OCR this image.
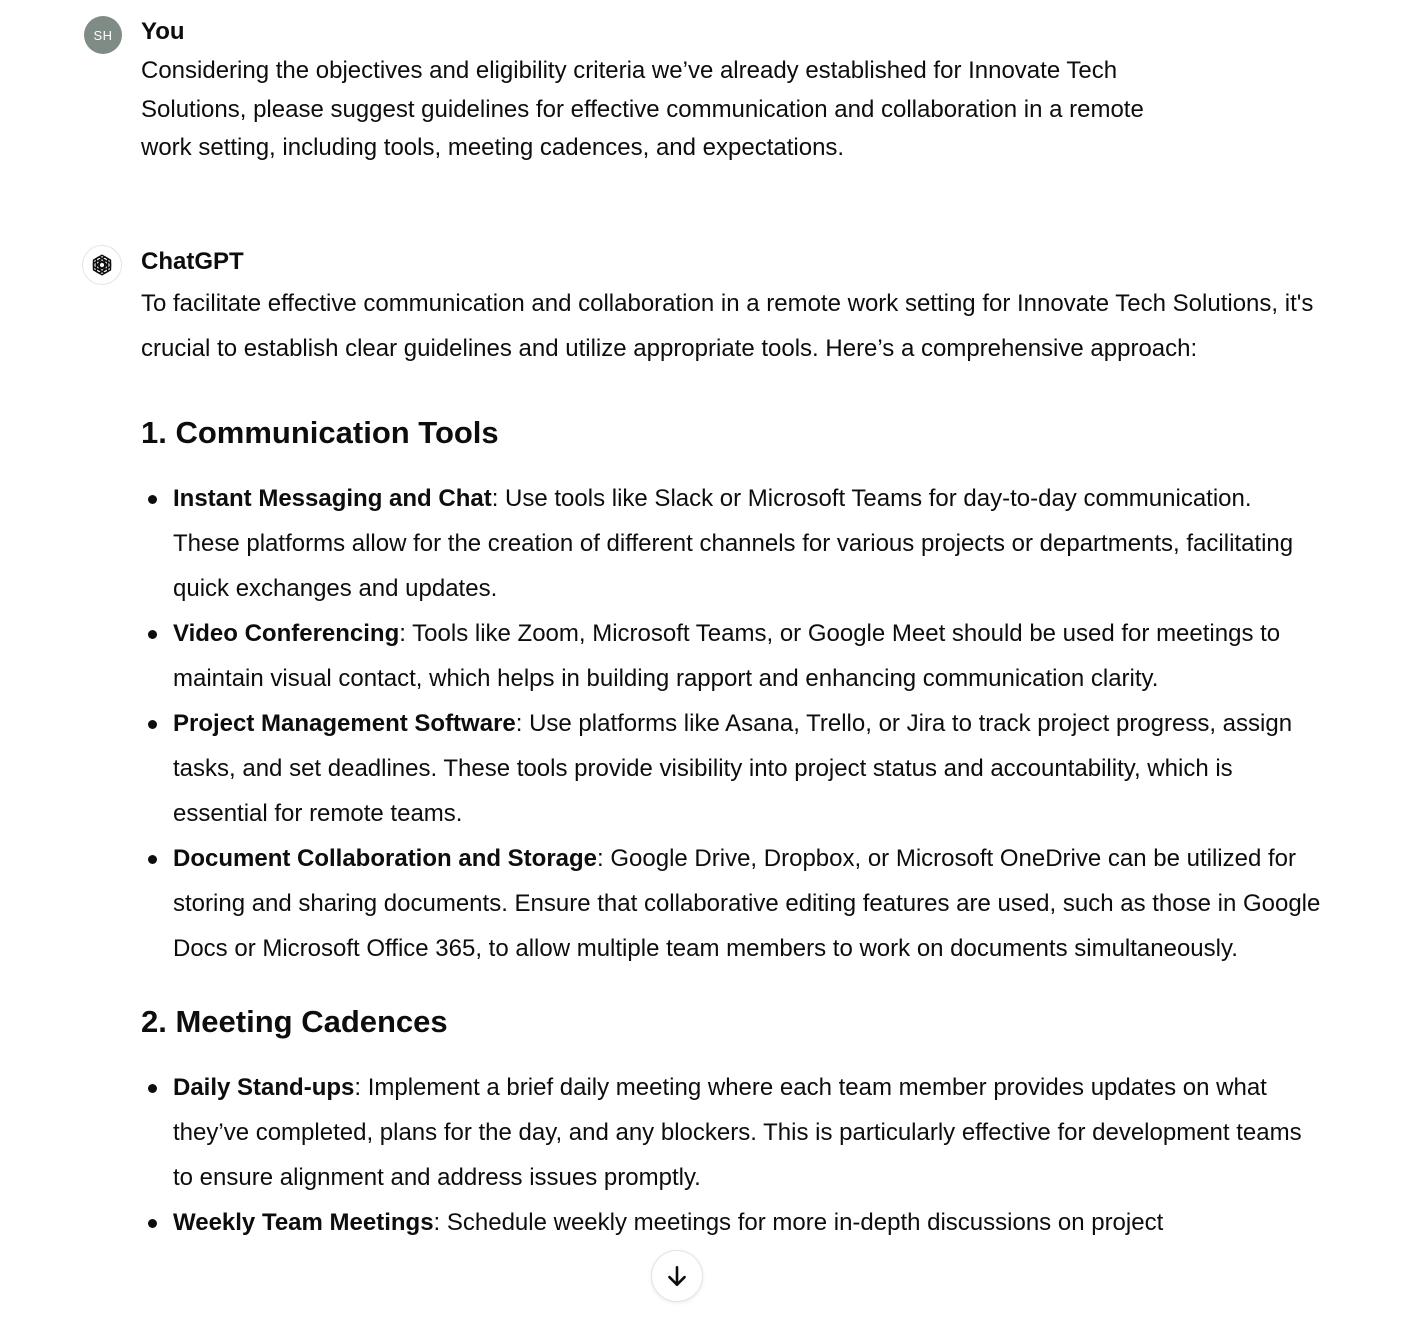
SH	You
Considering the objectives and eligibility criteria we’ve already established for Innovate Tech Solutions, please suggest guidelines for effective communication and collaboration in a remote work setting, including tools, meeting cadences, and expectations.
ChatGPT

To facilitate effective communication and collaboration in a remote work setting for Innovate Tech Solutions, it's crucial to establish clear guidelines and utilize appropriate tools. Here’s a comprehensive approach:

1. Communication Tools
Instant Messaging and Chat: Use tools like Slack or Microsoft Teams for day-to-day communication. These platforms allow for the creation of different channels for various projects or departments, facilitating quick exchanges and updates.
Video Conferencing: Tools like Zoom, Microsoft Teams, or Google Meet should be used for meetings to maintain visual contact, which helps in building rapport and enhancing communication clarity.
Project Management Software: Use platforms like Asana, Trello, or Jira to track project progress, assign tasks, and set deadlines. These tools provide visibility into project status and accountability, which is essential for remote teams.
Document Collaboration and Storage: Google Drive, Dropbox, or Microsoft OneDrive can be utilized for storing and sharing documents. Ensure that collaborative editing features are used, such as those in Google Docs or Microsoft Office 365, to allow multiple team members to work on documents simultaneously.
2. Meeting Cadences
Daily Stand-ups: Implement a brief daily meeting where each team member provides updates on what they’ve completed, plans for the day, and any blockers. This is particularly effective for development teams to ensure alignment and address issues promptly.
Weekly Team Meetings: Schedule weekly meetings for more in-depth discussions on project
